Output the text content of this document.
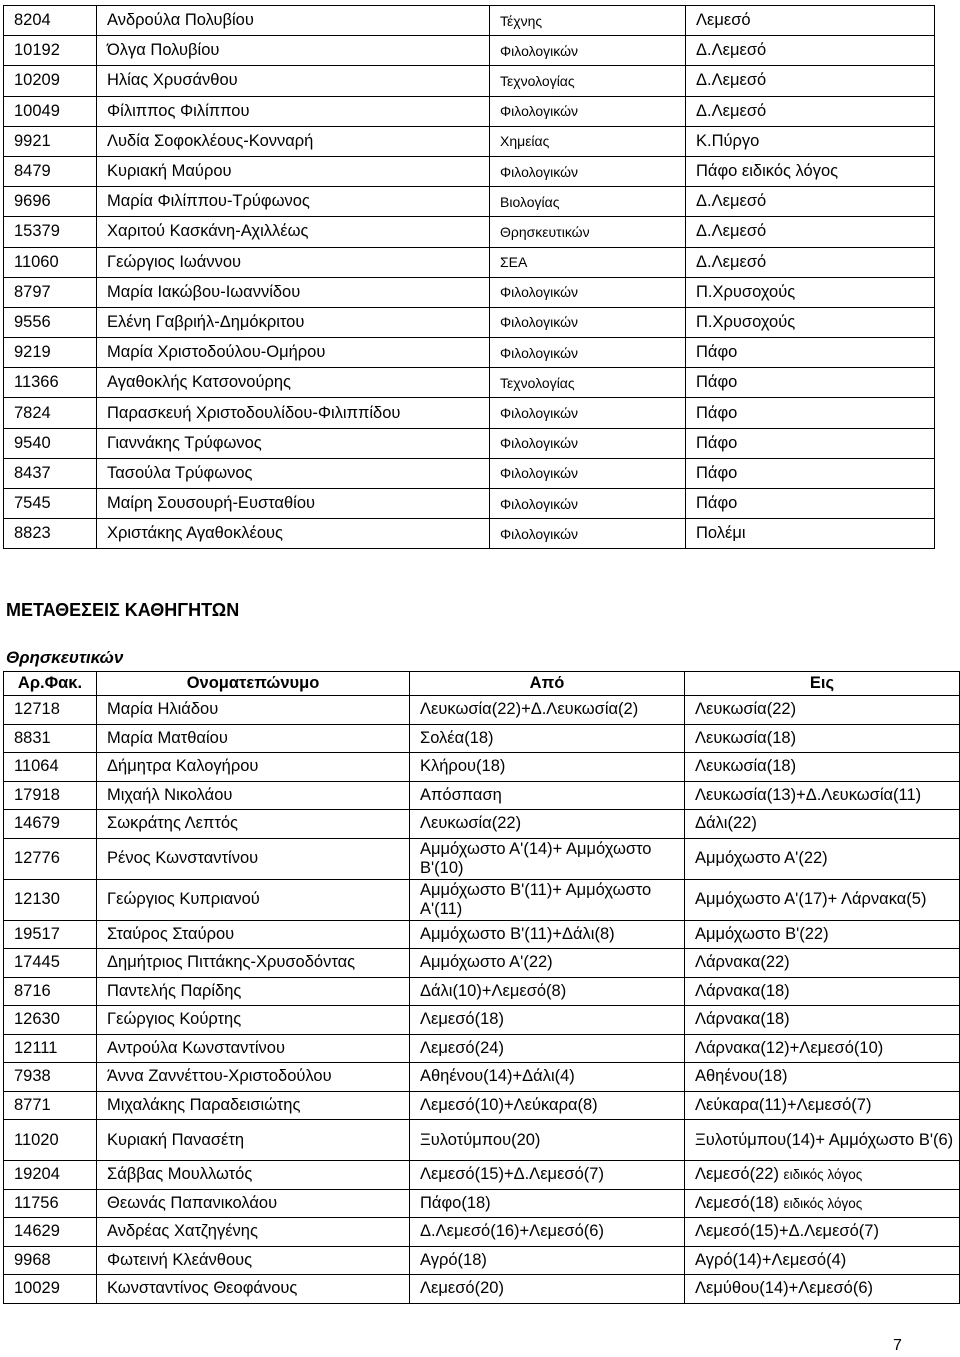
8204	Ανδρούλα Πολυβίου	Τέχνης	Λεμεσό
10192	Όλγα Πολυβίου	Φιλολογικών	Δ.Λεμεσό
10209	Ηλίας Χρυσάνθου	Τεχνολογίας	Δ.Λεμεσό
10049	Φίλιππος Φιλίππου	Φιλολογικών	Δ.Λεμεσό
9921	Λυδία Σοφοκλέους-Κονναρή	Χημείας	Κ.Πύργο
8479	Κυριακή Μαύρου	Φιλολογικών	Πάφο ειδικός λόγος
9696	Μαρία Φιλίππου-Τρύφωνος	Βιολογίας	Δ.Λεμεσό
15379	Χαριτού Κασκάνη-Αχιλλέως	Θρησκευτικών	Δ.Λεμεσό
11060	Γεώργιος Ιωάννου	ΣΕΑ	Δ.Λεμεσό
8797	Μαρία Ιακώβου-Ιωαννίδου	Φιλολογικών	Π.Χρυσοχούς
9556	Ελένη Γαβριήλ-Δημόκριτου	Φιλολογικών	Π.Χρυσοχούς
9219	Μαρία Χριστοδούλου-Ομήρου	Φιλολογικών	Πάφο
11366	Αγαθοκλής Κατσονούρης	Τεχνολογίας	Πάφο
7824	Παρασκευή Χριστοδουλίδου-Φιλιππίδου	Φιλολογικών	Πάφο
9540	Γιαννάκης Τρύφωνος	Φιλολογικών	Πάφο
8437	Τασούλα Τρύφωνος	Φιλολογικών	Πάφο
7545	Μαίρη Σουσουρή-Ευσταθίου	Φιλολογικών	Πάφο
8823	Χριστάκης Αγαθοκλέους	Φιλολογικών	Πολέμι
ΜΕΤΑΘΕΣΕΙΣ ΚΑΘΗΓΗΤΩΝ
Θρησκευτικών
Αρ.Φακ.	Ονοματεπώνυμο	Από	Εις
12718	Μαρία Ηλιάδου	Λευκωσία(22)+Δ.Λευκωσία(2)	Λευκωσία(22)
8831	Μαρία Ματθαίου	Σολέα(18)	Λευκωσία(18)
11064	Δήμητρα Καλογήρου	Κλήρου(18)	Λευκωσία(18)
17918	Μιχαήλ Νικολάου	Απόσπαση	Λευκωσία(13)+Δ.Λευκωσία(11)
14679	Σωκράτης Λεπτός	Λευκωσία(22)	Δάλι(22)
12776	Ρένος Κωνσταντίνου	Αμμόχωστο Α'(14)+ Αμμόχωστο Β'(10)	Αμμόχωστο Α'(22)
12130	Γεώργιος Κυπριανού	Αμμόχωστο Β'(11)+ Αμμόχωστο Α'(11)	Αμμόχωστο Α'(17)+ Λάρνακα(5)
19517	Σταύρος Σταύρου	Αμμόχωστο Β'(11)+Δάλι(8)	Αμμόχωστο Β'(22)
17445	Δημήτριος Πιττάκης-Χρυσοδόντας	Αμμόχωστο Α'(22)	Λάρνακα(22)
8716	Παντελής Παρίδης	Δάλι(10)+Λεμεσό(8)	Λάρνακα(18)
12630	Γεώργιος Κούρτης	Λεμεσό(18)	Λάρνακα(18)
12111	Αντρούλα Κωνσταντίνου	Λεμεσό(24)	Λάρνακα(12)+Λεμεσό(10)
7938	Άννα Ζαννέττου-Χριστοδούλου	Αθηένου(14)+Δάλι(4)	Αθηένου(18)
8771	Μιχαλάκης Παραδεισιώτης	Λεμεσό(10)+Λεύκαρα(8)	Λεύκαρα(11)+Λεμεσό(7)
11020	Κυριακή Πανασέτη	Ξυλοτύμπου(20)	Ξυλοτύμπου(14)+ Αμμόχωστο Β'(6)
19204	Σάββας Μουλλωτός	Λεμεσό(15)+Δ.Λεμεσό(7)	Λεμεσό(22) ειδικός λόγος
11756	Θεωνάς Παπανικολάου	Πάφο(18)	Λεμεσό(18) ειδικός λόγος
14629	Ανδρέας Χατζηγένης	Δ.Λεμεσό(16)+Λεμεσό(6)	Λεμεσό(15)+Δ.Λεμεσό(7)
9968	Φωτεινή Κλεάνθους	Αγρό(18)	Αγρό(14)+Λεμεσό(4)
10029	Κωνσταντίνος Θεοφάνους	Λεμεσό(20)	Λεμύθου(14)+Λεμεσό(6)
7
